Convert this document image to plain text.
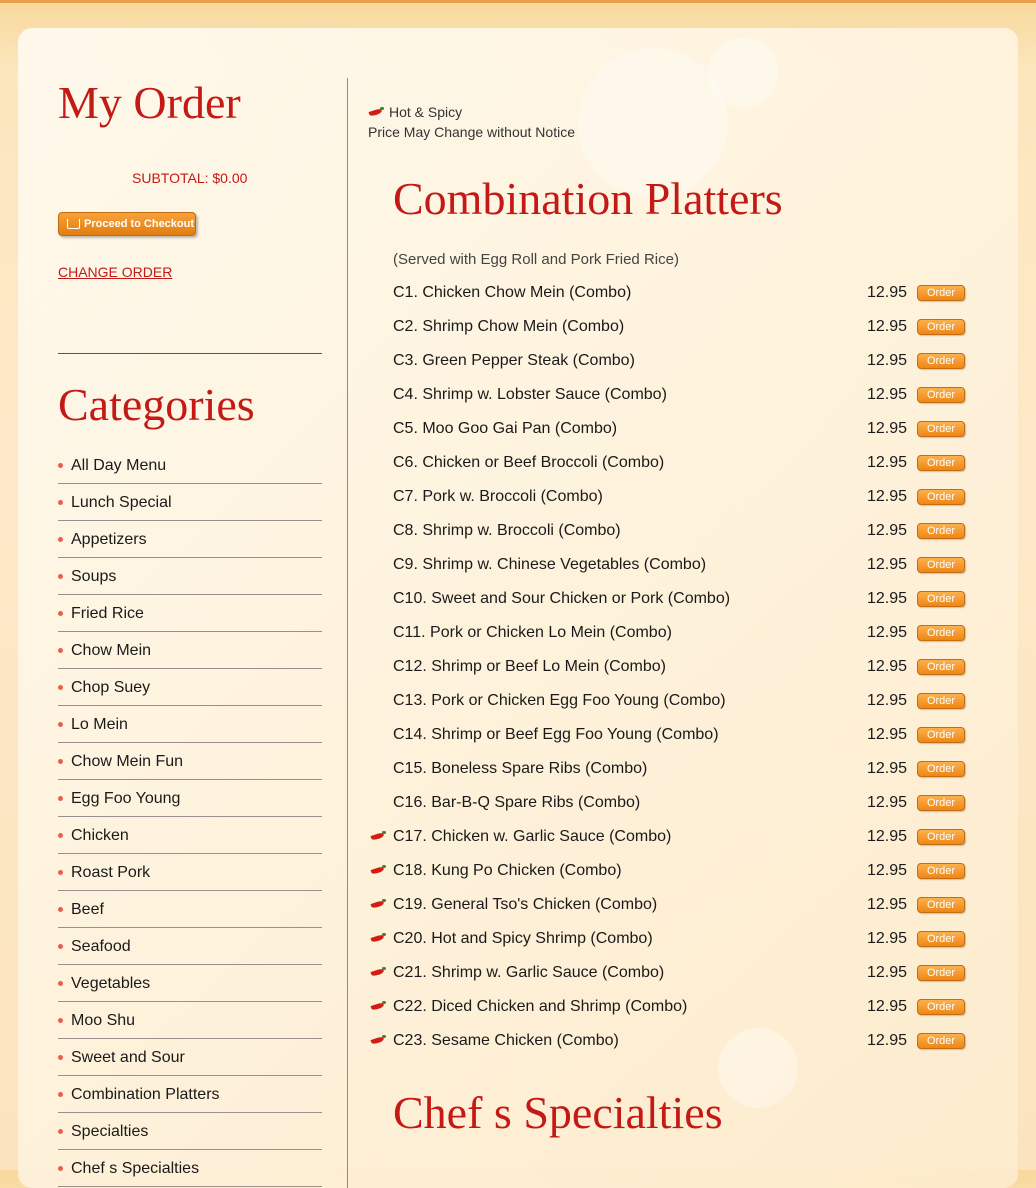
My Order
SUBTOTAL: $0.00
Proceed to Checkout
CHANGE ORDER
Categories
All Day Menu
Lunch Special
Appetizers
Soups
Fried Rice
Chow Mein
Chop Suey
Lo Mein
Chow Mein Fun
Egg Foo Young
Chicken
Roast Pork
Beef
Seafood
Vegetables
Moo Shu
Sweet and Sour
Combination Platters
Specialties
Chef s Specialties
Hot & Spicy
Price May Change without Notice
Combination Platters
(Served with Egg Roll and Pork Fried Rice)
C1. Chicken Chow Mein (Combo)	12.95	Order
C2. Shrimp Chow Mein (Combo)	12.95	Order
C3. Green Pepper Steak (Combo)	12.95	Order
C4. Shrimp w. Lobster Sauce (Combo)	12.95	Order
C5. Moo Goo Gai Pan (Combo)	12.95	Order
C6. Chicken or Beef Broccoli (Combo)	12.95	Order
C7. Pork w. Broccoli (Combo)	12.95	Order
C8. Shrimp w. Broccoli (Combo)	12.95	Order
C9. Shrimp w. Chinese Vegetables (Combo)	12.95	Order
C10. Sweet and Sour Chicken or Pork (Combo)	12.95	Order
C11. Pork or Chicken Lo Mein (Combo)	12.95	Order
C12. Shrimp or Beef Lo Mein (Combo)	12.95	Order
C13. Pork or Chicken Egg Foo Young (Combo)	12.95	Order
C14. Shrimp or Beef Egg Foo Young (Combo)	12.95	Order
C15. Boneless Spare Ribs (Combo)	12.95	Order
C16. Bar-B-Q Spare Ribs (Combo)	12.95	Order
C17. Chicken w. Garlic Sauce (Combo)	12.95	Order
C18. Kung Po Chicken (Combo)	12.95	Order
C19. General Tso's Chicken (Combo)	12.95	Order
C20. Hot and Spicy Shrimp (Combo)	12.95	Order
C21. Shrimp w. Garlic Sauce (Combo)	12.95	Order
C22. Diced Chicken and Shrimp (Combo)	12.95	Order
C23. Sesame Chicken (Combo)	12.95	Order
Chef s Specialties
